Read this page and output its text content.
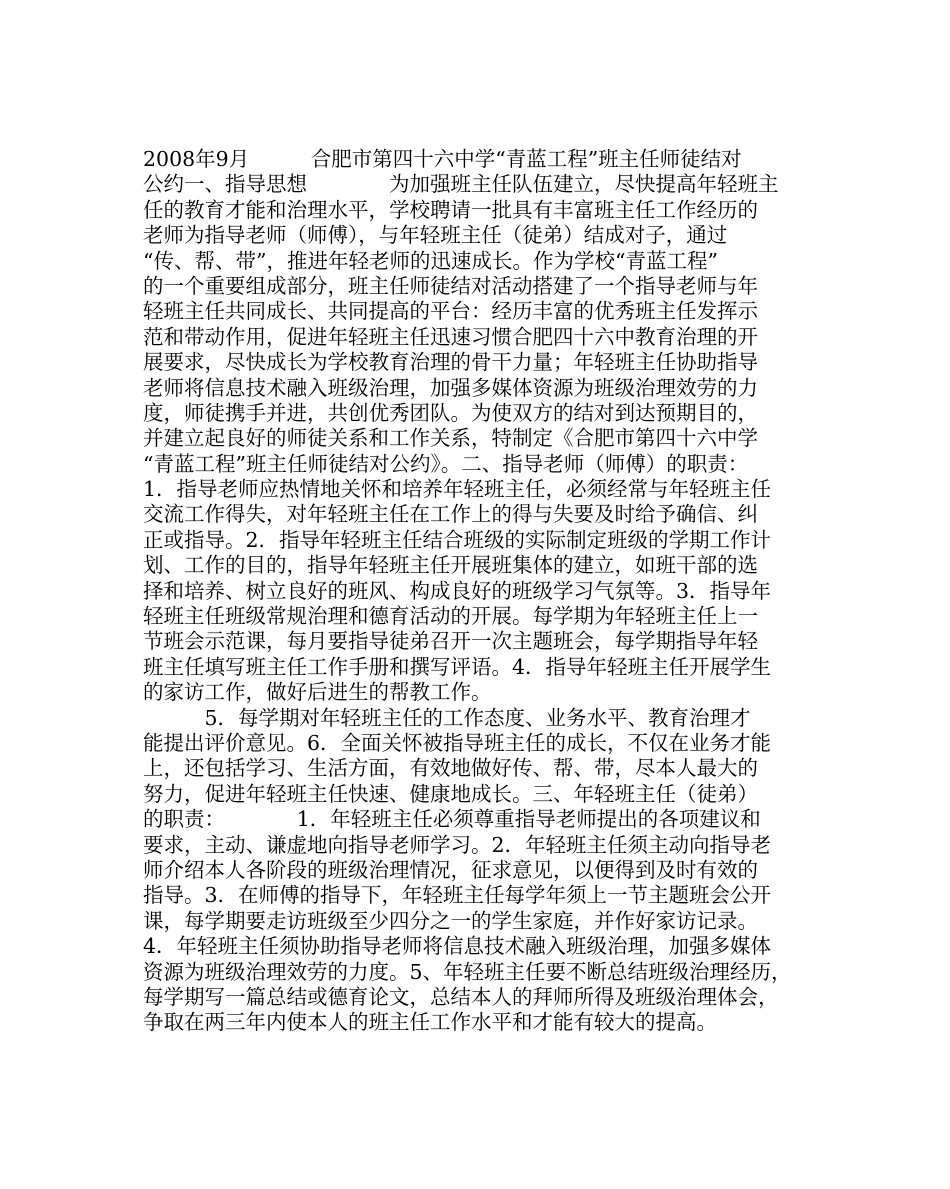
2008年9月　　　合肥市第四十六中学“青蓝工程”班主任师徒结对
公约一、指导思想　　　　为加强班主任队伍建立，尽快提高年轻班主
任的教育才能和治理水平，学校聘请一批具有丰富班主任工作经历的
老师为指导老师（师傅），与年轻班主任（徒弟）结成对子，通过
“传、帮、带”，推进年轻老师的迅速成长。作为学校“青蓝工程”
的一个重要组成部分，班主任师徒结对活动搭建了一个指导老师与年
轻班主任共同成长、共同提高的平台：经历丰富的优秀班主任发挥示
范和带动作用，促进年轻班主任迅速习惯合肥四十六中教育治理的开
展要求，尽快成长为学校教育治理的骨干力量；年轻班主任协助指导
老师将信息技术融入班级治理，加强多媒体资源为班级治理效劳的力
度，师徒携手并进，共创优秀团队。为使双方的结对到达预期目的，
并建立起良好的师徒关系和工作关系，特制定《合肥市第四十六中学
“青蓝工程”班主任师徒结对公约》。二、指导老师（师傅）的职责：
1．指导老师应热情地关怀和培养年轻班主任，必须经常与年轻班主任
交流工作得失，对年轻班主任在工作上的得与失要及时给予确信、纠
正或指导。2．指导年轻班主任结合班级的实际制定班级的学期工作计
划、工作的目的，指导年轻班主任开展班集体的建立，如班干部的选
择和培养、树立良好的班风、构成良好的班级学习气氛等。3．指导年
轻班主任班级常规治理和德育活动的开展。每学期为年轻班主任上一
节班会示范课，每月要指导徒弟召开一次主题班会，每学期指导年轻
班主任填写班主任工作手册和撰写评语。4．指导年轻班主任开展学生
的家访工作，做好后进生的帮教工作。
　　　5．每学期对年轻班主任的工作态度、业务水平、教育治理才
能提出评价意见。6．全面关怀被指导班主任的成长，不仅在业务才能
上，还包括学习、生活方面，有效地做好传、帮、带，尽本人最大的
努力，促进年轻班主任快速、健康地成长。三、年轻班主任（徒弟）
的职责：　　　　1．年轻班主任必须尊重指导老师提出的各项建议和
要求，主动、谦虚地向指导老师学习。2．年轻班主任须主动向指导老
师介绍本人各阶段的班级治理情况，征求意见，以便得到及时有效的
指导。3．在师傅的指导下，年轻班主任每学年须上一节主题班会公开
课，每学期要走访班级至少四分之一的学生家庭，并作好家访记录。
4．年轻班主任须协助指导老师将信息技术融入班级治理，加强多媒体
资源为班级治理效劳的力度。5、年轻班主任要不断总结班级治理经历，
每学期写一篇总结或德育论文，总结本人的拜师所得及班级治理体会，
争取在两三年内使本人的班主任工作水平和才能有较大的提高。
